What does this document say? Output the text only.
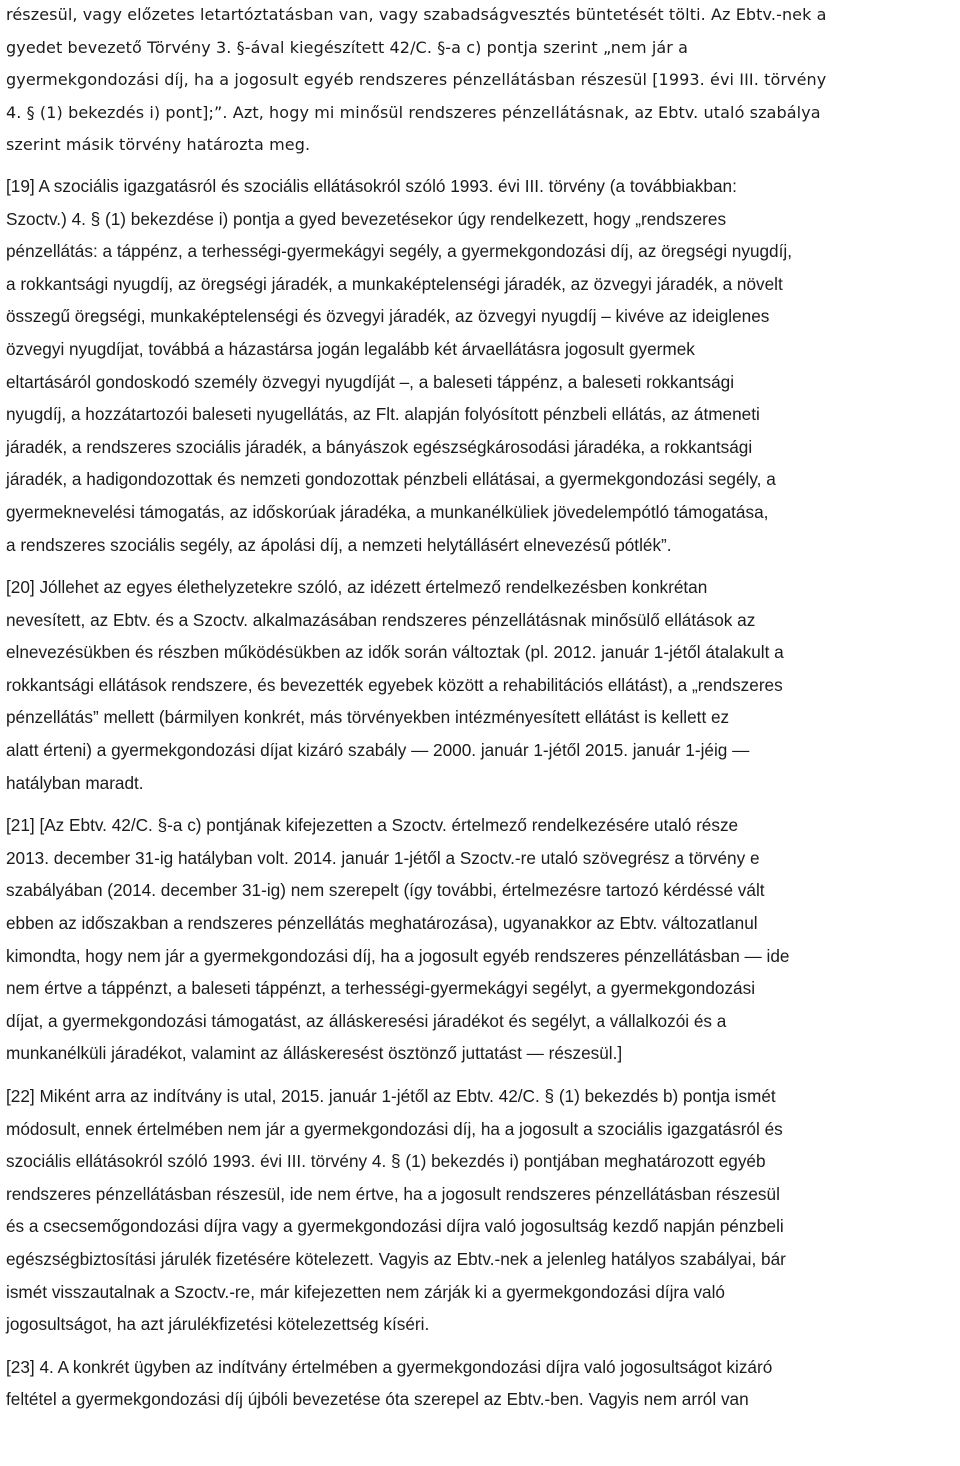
részesül, vagy előzetes letartóztatásban van, vagy szabadságvesztés büntetését tölti. Az Ebtv.-nek a
gyedet bevezető Törvény 3. §-ával kiegészített 42/C. §-a c) pontja szerint „nem jár a
gyermekgondozási díj, ha a jogosult egyéb rendszeres pénzellátásban részesül [1993. évi III. törvény
4. § (1) bekezdés i) pont];”. Azt, hogy mi minősül rendszeres pénzellátásnak, az Ebtv. utaló szabálya
szerint másik törvény határozta meg.
[19] A szociális igazgatásról és szociális ellátásokról szóló 1993. évi III. törvény (a továbbiakban:
Szoctv.) 4. § (1) bekezdése i) pontja a gyed bevezetésekor úgy rendelkezett, hogy „rendszeres
pénzellátás: a táppénz, a terhességi-gyermekágyi segély, a gyermekgondozási díj, az öregségi nyugdíj,
a rokkantsági nyugdíj, az öregségi járadék, a munkaképtelenségi járadék, az özvegyi járadék, a növelt
összegű öregségi, munkaképtelenségi és özvegyi járadék, az özvegyi nyugdíj – kivéve az ideiglenes
özvegyi nyugdíjat, továbbá a házastársa jogán legalább két árvaellátásra jogosult gyermek
eltartásáról gondoskodó személy özvegyi nyugdíját –, a baleseti táppénz, a baleseti rokkantsági
nyugdíj, a hozzátartozói baleseti nyugellátás, az Flt. alapján folyósított pénzbeli ellátás, az átmeneti
járadék, a rendszeres szociális járadék, a bányászok egészségkárosodási járadéka, a rokkantsági
járadék, a hadigondozottak és nemzeti gondozottak pénzbeli ellátásai, a gyermekgondozási segély, a
gyermeknevelési támogatás, az időskorúak járadéka, a munkanélküliek jövedelempótló támogatása,
a rendszeres szociális segély, az ápolási díj, a nemzeti helytállásért elnevezésű pótlék”.
[20] Jóllehet az egyes élethelyzetekre szóló, az idézett értelmező rendelkezésben konkrétan
nevesített, az Ebtv. és a Szoctv. alkalmazásában rendszeres pénzellátásnak minősülő ellátások az
elnevezésükben és részben működésükben az idők során változtak (pl. 2012. január 1-jétől átalakult a
rokkantsági ellátások rendszere, és bevezették egyebek között a rehabilitációs ellátást), a „rendszeres
pénzellátás” mellett (bármilyen konkrét, más törvényekben intézményesített ellátást is kellett ez
alatt érteni) a gyermekgondozási díjat kizáró szabály — 2000. január 1-jétől 2015. január 1-jéig —
hatályban maradt.
[21] [Az Ebtv. 42/C. §-a c) pontjának kifejezetten a Szoctv. értelmező rendelkezésére utaló része
2013. december 31-ig hatályban volt. 2014. január 1-jétől a Szoctv.-re utaló szövegrész a törvény e
szabályában (2014. december 31-ig) nem szerepelt (így további, értelmezésre tartozó kérdéssé vált
ebben az időszakban a rendszeres pénzellátás meghatározása), ugyanakkor az Ebtv. változatlanul
kimondta, hogy nem jár a gyermekgondozási díj, ha a jogosult egyéb rendszeres pénzellátásban — ide
nem értve a táppénzt, a baleseti táppénzt, a terhességi-gyermekágyi segélyt, a gyermekgondozási
díjat, a gyermekgondozási támogatást, az álláskeresési járadékot és segélyt, a vállalkozói és a
munkanélküli járadékot, valamint az álláskeresést ösztönző juttatást — részesül.]
[22] Miként arra az indítvány is utal, 2015. január 1-jétől az Ebtv. 42/C. § (1) bekezdés b) pontja ismét
módosult, ennek értelmében nem jár a gyermekgondozási díj, ha a jogosult a szociális igazgatásról és
szociális ellátásokról szóló 1993. évi III. törvény 4. § (1) bekezdés i) pontjában meghatározott egyéb
rendszeres pénzellátásban részesül, ide nem értve, ha a jogosult rendszeres pénzellátásban részesül
és a csecsemőgondozási díjra vagy a gyermekgondozási díjra való jogosultság kezdő napján pénzbeli
egészségbiztosítási járulék fizetésére kötelezett. Vagyis az Ebtv.-nek a jelenleg hatályos szabályai, bár
ismét visszautalnak a Szoctv.-re, már kifejezetten nem zárják ki a gyermekgondozási díjra való
jogosultságot, ha azt járulékfizetési kötelezettség kíséri.
[23] 4. A konkrét ügyben az indítvány értelmében a gyermekgondozási díjra való jogosultságot kizáró
feltétel a gyermekgondozási díj újbóli bevezetése óta szerepel az Ebtv.-ben. Vagyis nem arról van
